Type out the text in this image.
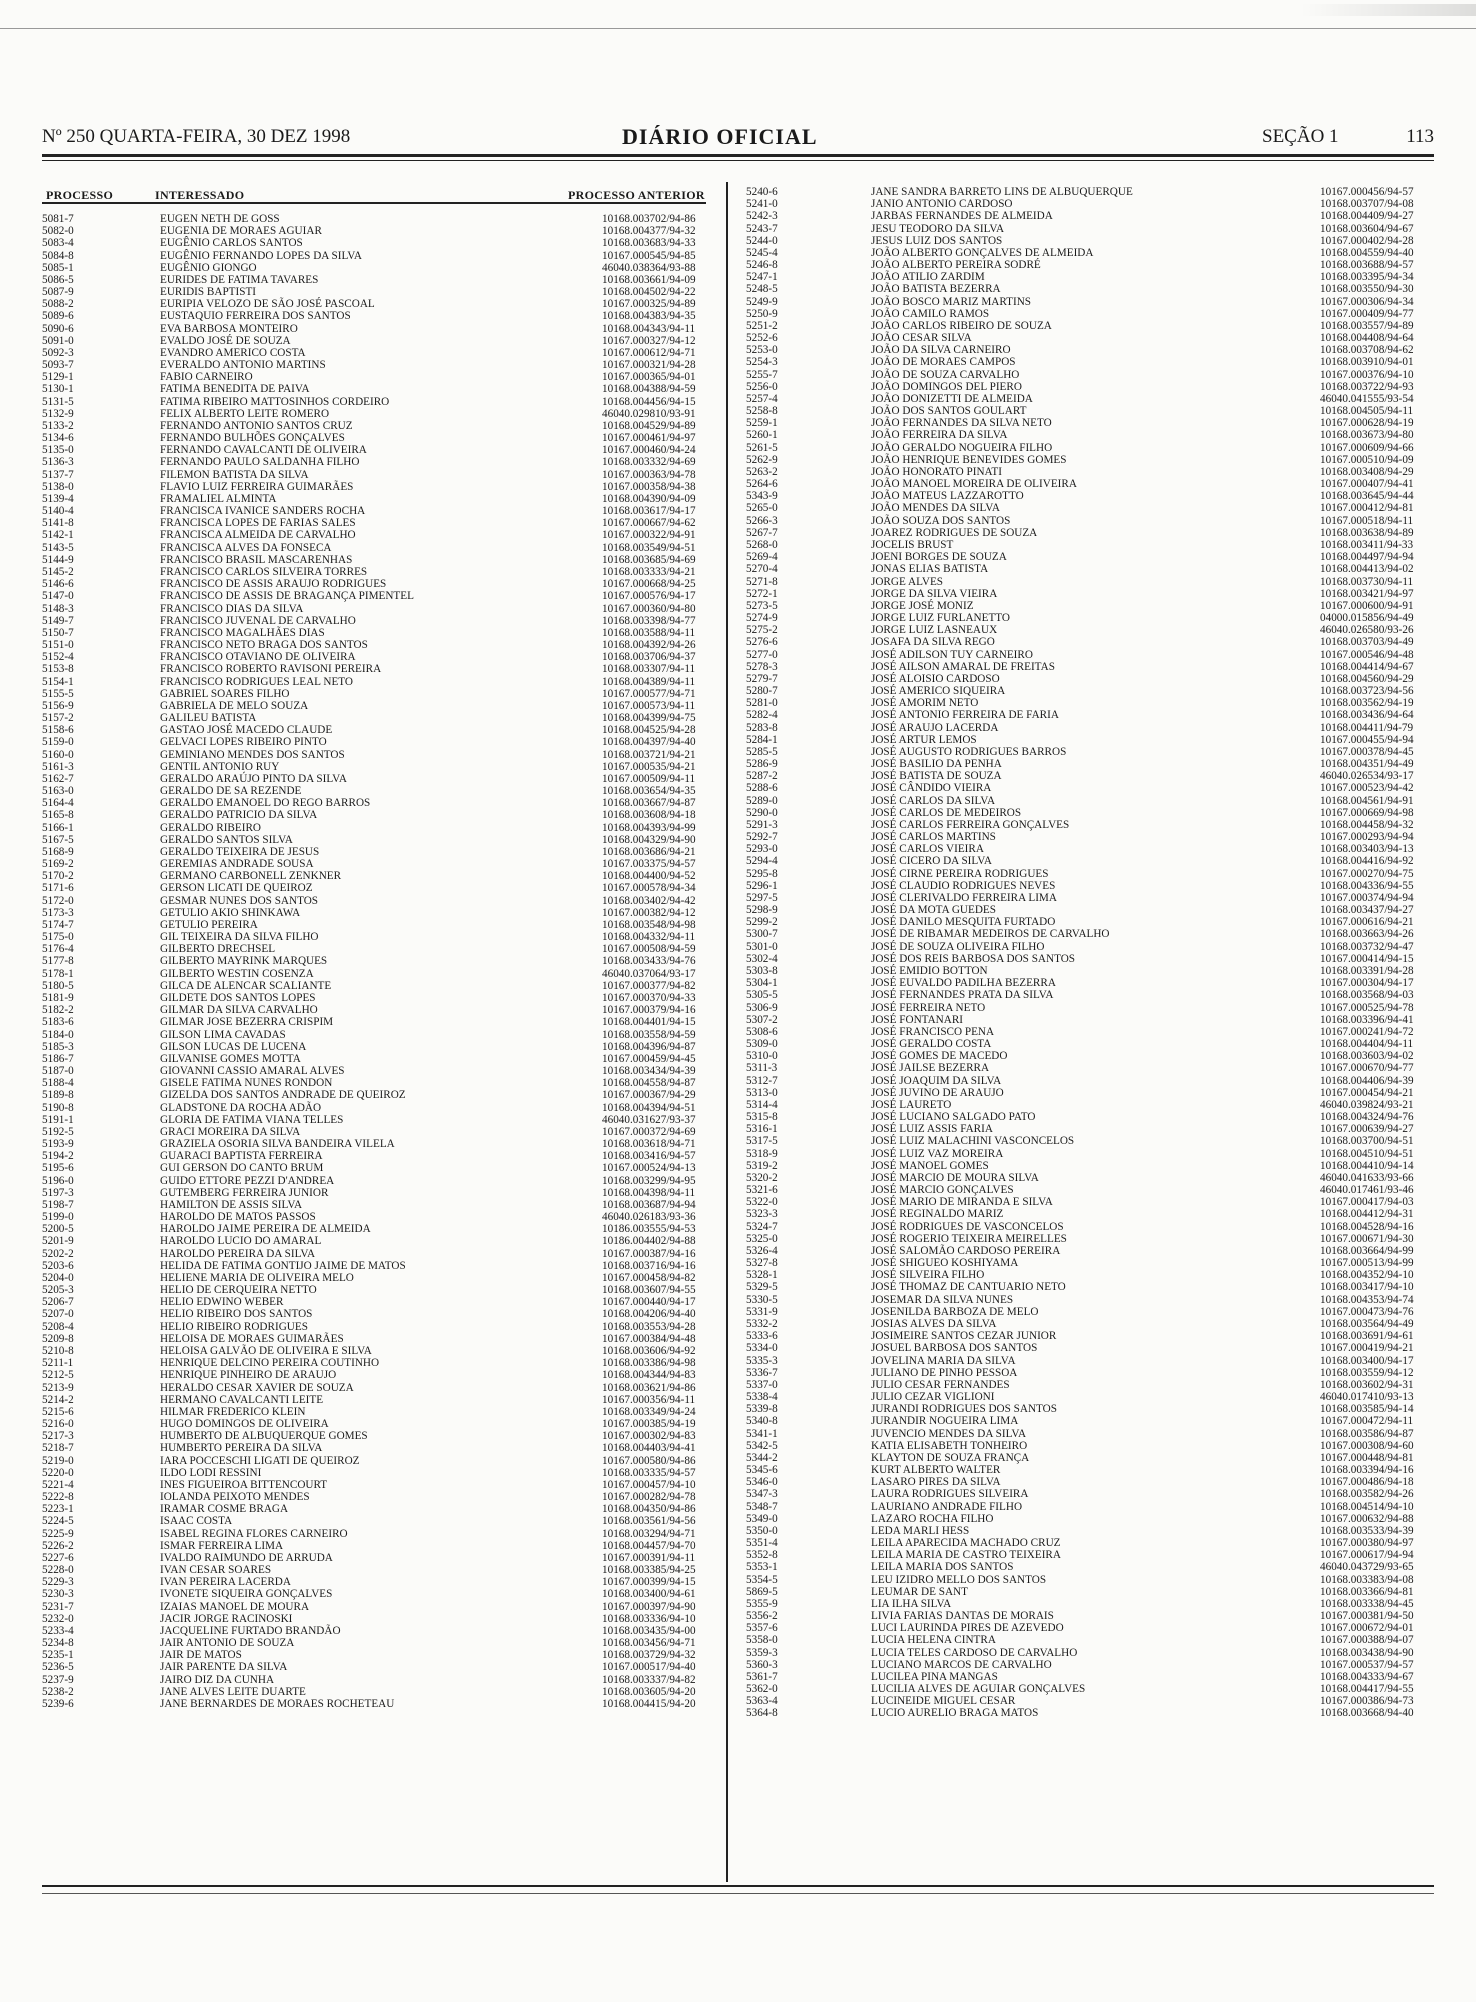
Nº 250 QUARTA-FEIRA, 30 DEZ 1998	DIÁRIO OFICIAL	SEÇÃO 1	113
PROCESSO	INTERESSADO	PROCESSO ANTERIOR
5081-7	EUGEN NETH DE GOSS	10168.003702/94-86
5082-0	EUGENIA DE MORAES AGUIAR	10168.004377/94-32
5083-4	EUGÊNIO CARLOS SANTOS	10168.003683/94-33
5084-8	EUGÊNIO FERNANDO LOPES DA SILVA	10167.000545/94-85
5085-1	EUGÊNIO GIONGO	46040.038364/93-88
5086-5	EURIDES DE FATIMA TAVARES	10168.003661/94-09
5087-9	EURIDIS BAPTISTI	10168.004502/94-22
5088-2	EURIPIA VELOZO DE SÃO JOSÉ PASCOAL	10167.000325/94-89
5089-6	EUSTAQUIO FERREIRA DOS SANTOS	10168.004383/94-35
5090-6	EVA BARBOSA MONTEIRO	10168.004343/94-11
5091-0	EVALDO JOSÉ DE SOUZA	10167.000327/94-12
5092-3	EVANDRO AMERICO COSTA	10167.000612/94-71
5093-7	EVERALDO ANTONIO MARTINS	10167.000321/94-28
5129-1	FABIO CARNEIRO	10167.000365/94-01
5130-1	FATIMA BENEDITA DE PAIVA	10168.004388/94-59
5131-5	FATIMA RIBEIRO MATTOSINHOS CORDEIRO	10168.004456/94-15
5132-9	FELIX ALBERTO LEITE ROMERO	46040.029810/93-91
5133-2	FERNANDO ANTONIO SANTOS CRUZ	10168.004529/94-89
5134-6	FERNANDO BULHÕES GONÇALVES	10167.000461/94-97
5135-0	FERNANDO CAVALCANTI DE OLIVEIRA	10167.000460/94-24
5136-3	FERNANDO PAULO SALDANHA FILHO	10168.003332/94-69
5137-7	FILEMON BATISTA DA SILVA	10167.000363/94-78
5138-0	FLAVIO LUIZ FERREIRA GUIMARÃES	10167.000358/94-38
5139-4	FRAMALIEL ALMINTA	10168.004390/94-09
5140-4	FRANCISCA IVANICE SANDERS ROCHA	10168.003617/94-17
5141-8	FRANCISCA LOPES DE FARIAS SALES	10167.000667/94-62
5142-1	FRANCISCA ALMEIDA DE CARVALHO	10167.000322/94-91
5143-5	FRANCISCA ALVES DA FONSECA	10168.003549/94-51
5144-9	FRANCISCO BRASIL MASCARENHAS	10168.003685/94-69
5145-2	FRANCISCO CARLOS SILVEIRA TORRES	10168.003333/94-21
5146-6	FRANCISCO DE ASSIS ARAUJO RODRIGUES	10167.000668/94-25
5147-0	FRANCISCO DE ASSIS DE BRAGANÇA PIMENTEL	10167.000576/94-17
5148-3	FRANCISCO DIAS DA SILVA	10167.000360/94-80
5149-7	FRANCISCO JUVENAL DE CARVALHO	10168.003398/94-77
5150-7	FRANCISCO MAGALHÃES DIAS	10168.003588/94-11
5151-0	FRANCISCO NETO BRAGA DOS SANTOS	10168.004392/94-26
5152-4	FRANCISCO OTAVIANO DE OLIVEIRA	10168.003706/94-37
5153-8	FRANCISCO ROBERTO RAVISONI PEREIRA	10168.003307/94-11
5154-1	FRANCISCO RODRIGUES LEAL NETO	10168.004389/94-11
5155-5	GABRIEL SOARES FILHO	10167.000577/94-71
5156-9	GABRIELA DE MELO SOUZA	10167.000573/94-11
5157-2	GALILEU BATISTA	10168.004399/94-75
5158-6	GASTAO JOSÉ MACEDO CLAUDE	10168.004525/94-28
5159-0	GELVACI LOPES RIBEIRO PINTO	10168.004397/94-40
5160-0	GEMINIANO MENDES DOS SANTOS	10168.003721/94-21
5161-3	GENTIL ANTONIO RUY	10167.000535/94-21
5162-7	GERALDO ARAÚJO PINTO DA SILVA	10167.000509/94-11
5163-0	GERALDO DE SA REZENDE	10168.003654/94-35
5164-4	GERALDO EMANOEL DO REGO BARROS	10168.003667/94-87
5165-8	GERALDO PATRICIO DA SILVA	10168.003608/94-18
5166-1	GERALDO RIBEIRO	10168.004393/94-99
5167-5	GERALDO SANTOS SILVA	10168.004329/94-90
5168-9	GERALDO TEIXEIRA DE JESUS	10168.003686/94-21
5169-2	GEREMIAS ANDRADE SOUSA	10167.003375/94-57
5170-2	GERMANO CARBONELL ZENKNER	10168.004400/94-52
5171-6	GERSON LICATI DE QUEIROZ	10167.000578/94-34
5172-0	GESMAR NUNES DOS SANTOS	10168.003402/94-42
5173-3	GETULIO AKIO SHINKAWA	10167.000382/94-12
5174-7	GETULIO PEREIRA	10168.003548/94-98
5175-0	GIL TEIXEIRA DA SILVA FILHO	10168.004332/94-11
5176-4	GILBERTO DRECHSEL	10167.000508/94-59
5177-8	GILBERTO MAYRINK MARQUES	10168.003433/94-76
5178-1	GILBERTO WESTIN COSENZA	46040.037064/93-17
5180-5	GILCA DE ALENCAR SCALIANTE	10167.000377/94-82
5181-9	GILDETE DOS SANTOS LOPES	10167.000370/94-33
5182-2	GILMAR DA SILVA CARVALHO	10167.000379/94-16
5183-6	GILMAR JOSE BEZERRA CRISPIM	10168.004401/94-15
5184-0	GILSON LIMA CAVADAS	10168.003558/94-59
5185-3	GILSON LUCAS DE LUCENA	10168.004396/94-87
5186-7	GILVANISE GOMES MOTTA	10167.000459/94-45
5187-0	GIOVANNI CASSIO AMARAL ALVES	10168.003434/94-39
5188-4	GISELE FATIMA NUNES RONDON	10168.004558/94-87
5189-8	GIZELDA DOS SANTOS ANDRADE DE QUEIROZ	10167.000367/94-29
5190-8	GLADSTONE DA ROCHA ADÃO	10168.004394/94-51
5191-1	GLORIA DE FATIMA VIANA TELLES	46040.031627/93-37
5192-5	GRACI MOREIRA DA SILVA	10167.000372/94-69
5193-9	GRAZIELA OSORIA SILVA BANDEIRA VILELA	10168.003618/94-71
5194-2	GUARACI BAPTISTA FERREIRA	10168.003416/94-57
5195-6	GUI GERSON DO CANTO BRUM	10167.000524/94-13
5196-0	GUIDO ETTORE PEZZI D'ANDREA	10168.003299/94-95
5197-3	GUTEMBERG FERREIRA JUNIOR	10168.004398/94-11
5198-7	HAMILTON DE ASSIS SILVA	10168.003687/94-94
5199-0	HAROLDO DE MATOS PASSOS	46040.026183/93-36
5200-5	HAROLDO JAIME PEREIRA DE ALMEIDA	10186.003555/94-53
5201-9	HAROLDO LUCIO DO AMARAL	10186.004402/94-88
5202-2	HAROLDO PEREIRA DA SILVA	10167.000387/94-16
5203-6	HELIDA DE FATIMA GONTIJO JAIME DE MATOS	10168.003716/94-16
5204-0	HELIENE MARIA DE OLIVEIRA MELO	10167.000458/94-82
5205-3	HELIO DE CERQUEIRA NETTO	10168.003607/94-55
5206-7	HELIO EDWINO WEBER	10167.000440/94-17
5207-0	HELIO RIBEIRO DOS SANTOS	10168.004206/94-40
5208-4	HELIO RIBEIRO RODRIGUES	10168.003553/94-28
5209-8	HELOISA DE MORAES GUIMARÃES	10167.000384/94-48
5210-8	HELOISA GALVÃO DE OLIVEIRA E SILVA	10168.003606/94-92
5211-1	HENRIQUE DELCINO PEREIRA COUTINHO	10168.003386/94-98
5212-5	HENRIQUE PINHEIRO DE ARAUJO	10168.004344/94-83
5213-9	HERALDO CESAR XAVIER DE SOUZA	10168.003621/94-86
5214-2	HERMANO CAVALCANTI LEITE	10167.000356/94-11
5215-6	HILMAR FREDERICO KLEIN	10168.003349/94-24
5216-0	HUGO DOMINGOS DE OLIVEIRA	10167.000385/94-19
5217-3	HUMBERTO DE ALBUQUERQUE GOMES	10167.000302/94-83
5218-7	HUMBERTO PEREIRA DA SILVA	10168.004403/94-41
5219-0	IARA POCCESCHI LIGATI DE QUEIROZ	10167.000580/94-86
5220-0	ILDO LODI RESSINI	10168.003335/94-57
5221-4	INES FIGUEIROA BITTENCOURT	10167.000457/94-10
5222-8	IOLANDA PEIXOTO MENDES	10167.000282/94-78
5223-1	IRAMAR COSME BRAGA	10168.004350/94-86
5224-5	ISAAC COSTA	10168.003561/94-56
5225-9	ISABEL REGINA FLORES CARNEIRO	10168.003294/94-71
5226-2	ISMAR FERREIRA LIMA	10168.004457/94-70
5227-6	IVALDO RAIMUNDO DE ARRUDA	10167.000391/94-11
5228-0	IVAN CESAR SOARES	10168.003385/94-25
5229-3	IVAN PEREIRA LACERDA	10167.000399/94-15
5230-3	IVONETE SIQUEIRA GONÇALVES	10168.003400/94-61
5231-7	IZAIAS MANOEL DE MOURA	10167.000397/94-90
5232-0	JACIR JORGE RACINOSKI	10168.003336/94-10
5233-4	JACQUELINE FURTADO BRANDÃO	10168.003435/94-00
5234-8	JAIR ANTONIO DE SOUZA	10168.003456/94-71
5235-1	JAIR DE MATOS	10168.003729/94-32
5236-5	JAIR PARENTE DA SILVA	10167.000517/94-40
5237-9	JAIRO DIZ DA CUNHA	10168.003337/94-82
5238-2	JANE ALVES LEITE DUARTE	10168.003605/94-20
5239-6	JANE BERNARDES DE MORAES ROCHETEAU	10168.004415/94-20
5240-6	JANE SANDRA BARRETO LINS DE ALBUQUERQUE	10167.000456/94-57
5241-0	JANIO ANTONIO CARDOSO	10168.003707/94-08
5242-3	JARBAS FERNANDES DE ALMEIDA	10168.004409/94-27
5243-7	JESU TEODORO DA SILVA	10168.003604/94-67
5244-0	JESUS LUIZ DOS SANTOS	10167.000402/94-28
5245-4	JOÃO ALBERTO GONÇALVES DE ALMEIDA	10168.004559/94-40
5246-8	JOÃO ALBERTO PEREIRA SODRÉ	10168.003688/94-57
5247-1	JOÃO ATILIO ZARDIM	10168.003395/94-34
5248-5	JOÃO BATISTA BEZERRA	10168.003550/94-30
5249-9	JOÃO BOSCO MARIZ MARTINS	10167.000306/94-34
5250-9	JOÃO CAMILO RAMOS	10167.000409/94-77
5251-2	JOÃO CARLOS RIBEIRO DE SOUZA	10168.003557/94-89
5252-6	JOÃO CESAR SILVA	10168.004408/94-64
5253-0	JOÃO DA SILVA CARNEIRO	10168.003708/94-62
5254-3	JOÃO DE MORAES CAMPOS	10168.003910/94-01
5255-7	JOÃO DE SOUZA CARVALHO	10167.000376/94-10
5256-0	JOÃO DOMINGOS DEL PIERO	10168.003722/94-93
5257-4	JOÃO DONIZETTI DE ALMEIDA	46040.041555/93-54
5258-8	JOÃO DOS SANTOS GOULART	10168.004505/94-11
5259-1	JOÃO FERNANDES DA SILVA NETO	10167.000628/94-19
5260-1	JOÃO FERREIRA DA SILVA	10168.003673/94-80
5261-5	JOÃO GERALDO NOGUEIRA FILHO	10167.000609/94-66
5262-9	JOÃO HENRIQUE BENEVIDES GOMES	10167.000510/94-09
5263-2	JOÃO HONORATO PINATI	10168.003408/94-29
5264-6	JOÃO MANOEL MOREIRA DE OLIVEIRA	10167.000407/94-41
5343-9	JOÃO MATEUS LAZZAROTTO	10168.003645/94-44
5265-0	JOÃO MENDES DA SILVA	10167.000412/94-81
5266-3	JOÃO SOUZA DOS SANTOS	10167.000518/94-11
5267-7	JOAREZ RODRIGUES DE SOUZA	10168.003638/94-89
5268-0	JOCELIS BRUST	10168.003411/94-33
5269-4	JOENI BORGES DE SOUZA	10168.004497/94-94
5270-4	JONAS ELIAS BATISTA	10168.004413/94-02
5271-8	JORGE ALVES	10168.003730/94-11
5272-1	JORGE DA SILVA VIEIRA	10168.003421/94-97
5273-5	JORGE JOSÉ MONIZ	10167.000600/94-91
5274-9	JORGE LUIZ FURLANETTO	04000.015856/94-49
5275-2	JORGE LUIZ LASNEAUX	46040.026580/93-26
5276-6	JOSAFA DA SILVA REGO	10168.003703/94-49
5277-0	JOSÉ ADILSON TUY CARNEIRO	10167.000546/94-48
5278-3	JOSÉ AILSON AMARAL DE FREITAS	10168.004414/94-67
5279-7	JOSÉ ALOISIO CARDOSO	10168.004560/94-29
5280-7	JOSÉ AMERICO SIQUEIRA	10168.003723/94-56
5281-0	JOSÉ AMORIM NETO	10168.003562/94-19
5282-4	JOSÉ ANTONIO FERREIRA DE FARIA	10168.003436/94-64
5283-8	JOSÉ ARAUJO LACERDA	10168.004411/94-79
5284-1	JOSÉ ARTUR LEMOS	10167.000455/94-94
5285-5	JOSÉ AUGUSTO RODRIGUES BARROS	10167.000378/94-45
5286-9	JOSÉ BASILIO DA PENHA	10168.004351/94-49
5287-2	JOSÉ BATISTA DE SOUZA	46040.026534/93-17
5288-6	JOSÉ CÂNDIDO VIEIRA	10167.000523/94-42
5289-0	JOSÉ CARLOS DA SILVA	10168.004561/94-91
5290-0	JOSÉ CARLOS DE MEDEIROS	10167.000669/94-98
5291-3	JOSÉ CARLOS FERREIRA GONÇALVES	10168.004458/94-32
5292-7	JOSÉ CARLOS MARTINS	10167.000293/94-94
5293-0	JOSÉ CARLOS VIEIRA	10168.003403/94-13
5294-4	JOSÉ CICERO DA SILVA	10168.004416/94-92
5295-8	JOSÉ CIRNE PEREIRA RODRIGUES	10167.000270/94-75
5296-1	JOSÉ CLAUDIO RODRIGUES NEVES	10168.004336/94-55
5297-5	JOSÉ CLERIVALDO FERREIRA LIMA	10167.000374/94-94
5298-9	JOSÉ DA MOTA GUEDES	10168.003437/94-27
5299-2	JOSÉ DANILO MESQUITA FURTADO	10167.000616/94-21
5300-7	JOSÉ DE RIBAMAR MEDEIROS DE CARVALHO	10168.003663/94-26
5301-0	JOSÉ DE SOUZA OLIVEIRA FILHO	10168.003732/94-47
5302-4	JOSÉ DOS REIS BARBOSA DOS SANTOS	10167.000414/94-15
5303-8	JOSÉ EMIDIO BOTTON	10168.003391/94-28
5304-1	JOSÉ EUVALDO PADILHA BEZERRA	10167.000304/94-17
5305-5	JOSÉ FERNANDES PRATA DA SILVA	10168.003568/94-03
5306-9	JOSÉ FERREIRA NETO	10167.000525/94-78
5307-2	JOSÉ FONTANARI	10168.003396/94-41
5308-6	JOSÉ FRANCISCO PENA	10167.000241/94-72
5309-0	JOSÉ GERALDO COSTA	10168.004404/94-11
5310-0	JOSÉ GOMES DE MACEDO	10168.003603/94-02
5311-3	JOSÉ JAILSE BEZERRA	10167.000670/94-77
5312-7	JOSÉ JOAQUIM DA SILVA	10168.004406/94-39
5313-0	JOSÉ JUVINO DE ARAUJO	10167.000454/94-21
5314-4	JOSÉ LAURETO	46040.039824/93-21
5315-8	JOSÉ LUCIANO SALGADO PATO	10168.004324/94-76
5316-1	JOSÉ LUIZ ASSIS FARIA	10167.000639/94-27
5317-5	JOSÉ LUIZ MALACHINI VASCONCELOS	10168.003700/94-51
5318-9	JOSÉ LUIZ VAZ MOREIRA	10168.004510/94-51
5319-2	JOSÉ MANOEL GOMES	10168.004410/94-14
5320-2	JOSÉ MARCIO DE MOURA SILVA	46040.041633/93-66
5321-6	JOSÉ MARCIO GONÇALVES	46040.017461/93-46
5322-0	JOSÉ MARIO DE MIRANDA E SILVA	10167.000417/94-03
5323-3	JOSÉ REGINALDO MARIZ	10168.004412/94-31
5324-7	JOSÉ RODRIGUES DE VASCONCELOS	10168.004528/94-16
5325-0	JOSÉ ROGERIO TEIXEIRA MEIRELLES	10167.000671/94-30
5326-4	JOSÉ SALOMÃO CARDOSO PEREIRA	10168.003664/94-99
5327-8	JOSÉ SHIGUEO KOSHIYAMA	10167.000513/94-99
5328-1	JOSÉ SILVEIRA FILHO	10168.004352/94-10
5329-5	JOSÉ THOMAZ DE CANTUARIO NETO	10168.003417/94-10
5330-5	JOSEMAR DA SILVA NUNES	10168.004353/94-74
5331-9	JOSENILDA BARBOZA DE MELO	10167.000473/94-76
5332-2	JOSIAS ALVES DA SILVA	10168.003564/94-49
5333-6	JOSIMEIRE SANTOS CEZAR JUNIOR	10168.003691/94-61
5334-0	JOSUEL BARBOSA DOS SANTOS	10167.000419/94-21
5335-3	JOVELINA MARIA DA SILVA	10168.003400/94-17
5336-7	JULIANO DE PINHO PESSOA	10168.003559/94-12
5337-0	JULIO CESAR FERNANDES	10168.003602/94-31
5338-4	JULIO CEZAR VIGLIONI	46040.017410/93-13
5339-8	JURANDI RODRIGUES DOS SANTOS	10168.003585/94-14
5340-8	JURANDIR NOGUEIRA LIMA	10167.000472/94-11
5341-1	JUVENCIO MENDES DA SILVA	10168.003586/94-87
5342-5	KATIA ELISABETH TONHEIRO	10167.000308/94-60
5344-2	KLAYTON DE SOUZA FRANÇA	10167.000448/94-81
5345-6	KURT ALBERTO WALTER	10168.003394/94-16
5346-0	LASARO PIRES DA SILVA	10167.000486/94-18
5347-3	LAURA RODRIGUES SILVEIRA	10168.003582/94-26
5348-7	LAURIANO ANDRADE FILHO	10168.004514/94-10
5349-0	LAZARO ROCHA FILHO	10167.000632/94-88
5350-0	LEDA MARLI HESS	10168.003533/94-39
5351-4	LEILA APARECIDA MACHADO CRUZ	10167.000380/94-97
5352-8	LEILA MARIA DE CASTRO TEIXEIRA	10167.000617/94-94
5353-1	LEILA MARIA DOS SANTOS	46040.043729/93-65
5354-5	LEU IZIDRO MELLO DOS SANTOS	10168.003383/94-08
5869-5	LEUMAR DE SANT	10168.003366/94-81
5355-9	LIA ILHA SILVA	10168.003338/94-45
5356-2	LIVIA FARIAS DANTAS DE MORAIS	10167.000381/94-50
5357-6	LUCI LAURINDA PIRES DE AZEVEDO	10167.000672/94-01
5358-0	LUCIA HELENA CINTRA	10167.000388/94-07
5359-3	LUCIA TELES CARDOSO DE CARVALHO	10168.003438/94-90
5360-3	LUCIANO MARCOS DE CARVALHO	10167.000537/94-57
5361-7	LUCILEA PINA MANGAS	10168.004333/94-67
5362-0	LUCILIA ALVES DE AGUIAR GONÇALVES	10168.004417/94-55
5363-4	LUCINEIDE MIGUEL CESAR	10167.000386/94-73
5364-8	LUCIO AURELIO BRAGA MATOS	10168.003668/94-40
